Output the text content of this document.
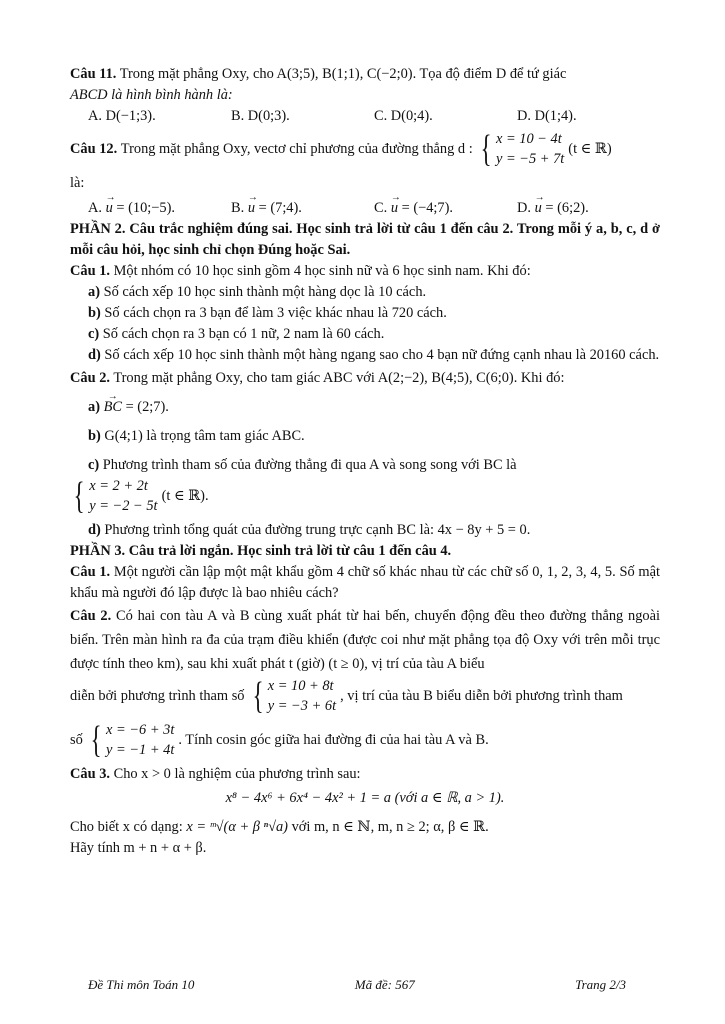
Câu 11. Trong mặt phẳng Oxy, cho A(3;5), B(1;1), C(−2;0). Tọa độ điểm D để tứ giác

ABCD là hình bình hành là:

A. D(−1;3).	B. D(0;3).	C. D(0;4).	D. D(1;4).
Câu 12.
Trong mặt phẳng Oxy, vectơ chỉ phương của đường thẳng d : { x = 10 − 4t
y = −5 + 7t
(t ∈ ℝ)

là:

A. → u = (10;−5).	B. → u = (7;4).	C. → u = (−4;7).	D. → u = (6;2).

PHẦN 2. Câu trắc nghiệm đúng sai. Học sinh trả lời từ câu 1 đến câu 2. Trong mỗi ý a, b, c, d ở mỗi câu hỏi, học sinh chỉ chọn Đúng hoặc Sai.

Câu 1. Một nhóm có 10 học sinh gồm 4 học sinh nữ và 6 học sinh nam. Khi đó:

a) Số cách xếp 10 học sinh thành một hàng dọc là 10 cách.

b) Số cách chọn ra 3 bạn để làm 3 việc khác nhau là 720 cách.

c) Số cách chọn ra 3 bạn có 1 nữ, 2 nam là 60 cách.

d) Số cách xếp 10 học sinh thành một hàng ngang sao cho 4 bạn nữ đứng cạnh nhau là 20160 cách.

Câu 2. Trong mặt phẳng Oxy, cho tam giác ABC với A(2;−2), B(4;5), C(6;0). Khi đó:

a) → BC = (2;7).

b) G(4;1) là trọng tâm tam giác ABC.

c) Phương trình tham số của đường thẳng đi qua A và song song với BC là

{ x = 2 + 2t
y = −2 − 5t
(t ∈ ℝ).

d) Phương trình tổng quát của đường trung trực cạnh BC là: 4x − 8y + 5 = 0.

PHẦN 3. Câu trả lời ngắn. Học sinh trả lời từ câu 1 đến câu 4.

Câu 1. Một người cần lập một mật khẩu gồm 4 chữ số khác nhau từ các chữ số 0, 1, 2, 3, 4, 5. Số mật khẩu mà người đó lập được là bao nhiêu cách?

Câu 2. Có hai con tàu A và B cùng xuất phát từ hai bến, chuyển động đều theo đường thẳng ngoài biển. Trên màn hình ra đa của trạm điều khiển (được coi như mặt phẳng tọa độ Oxy với trên mỗi trục được tính theo km), sau khi xuất phát t (giờ) (t ≥ 0), vị trí của tàu A biểu

diễn bởi phương trình tham số { x = 10 + 8t
y = −3 + 6t
, vị trí của tàu B biểu diễn bởi phương trình tham
số { x = −6 + 3t
y = −1 + 4t
. Tính cosin góc giữa hai đường đi của hai tàu A và B.

Câu 3. Cho x > 0 là nghiệm của phương trình sau:

x⁸ − 4x⁶ + 6x⁴ − 4x² + 1 = a (với a ∈ ℝ, a > 1).

Cho biết x có dạng: x = ᵐ√(α + β ⁿ√a) với m, n ∈ ℕ, m, n ≥ 2; α, β ∈ ℝ.

Hãy tính m + n + α + β.

Đề Thi môn Toán 10	Mã đề: 567	Trang 2/3
